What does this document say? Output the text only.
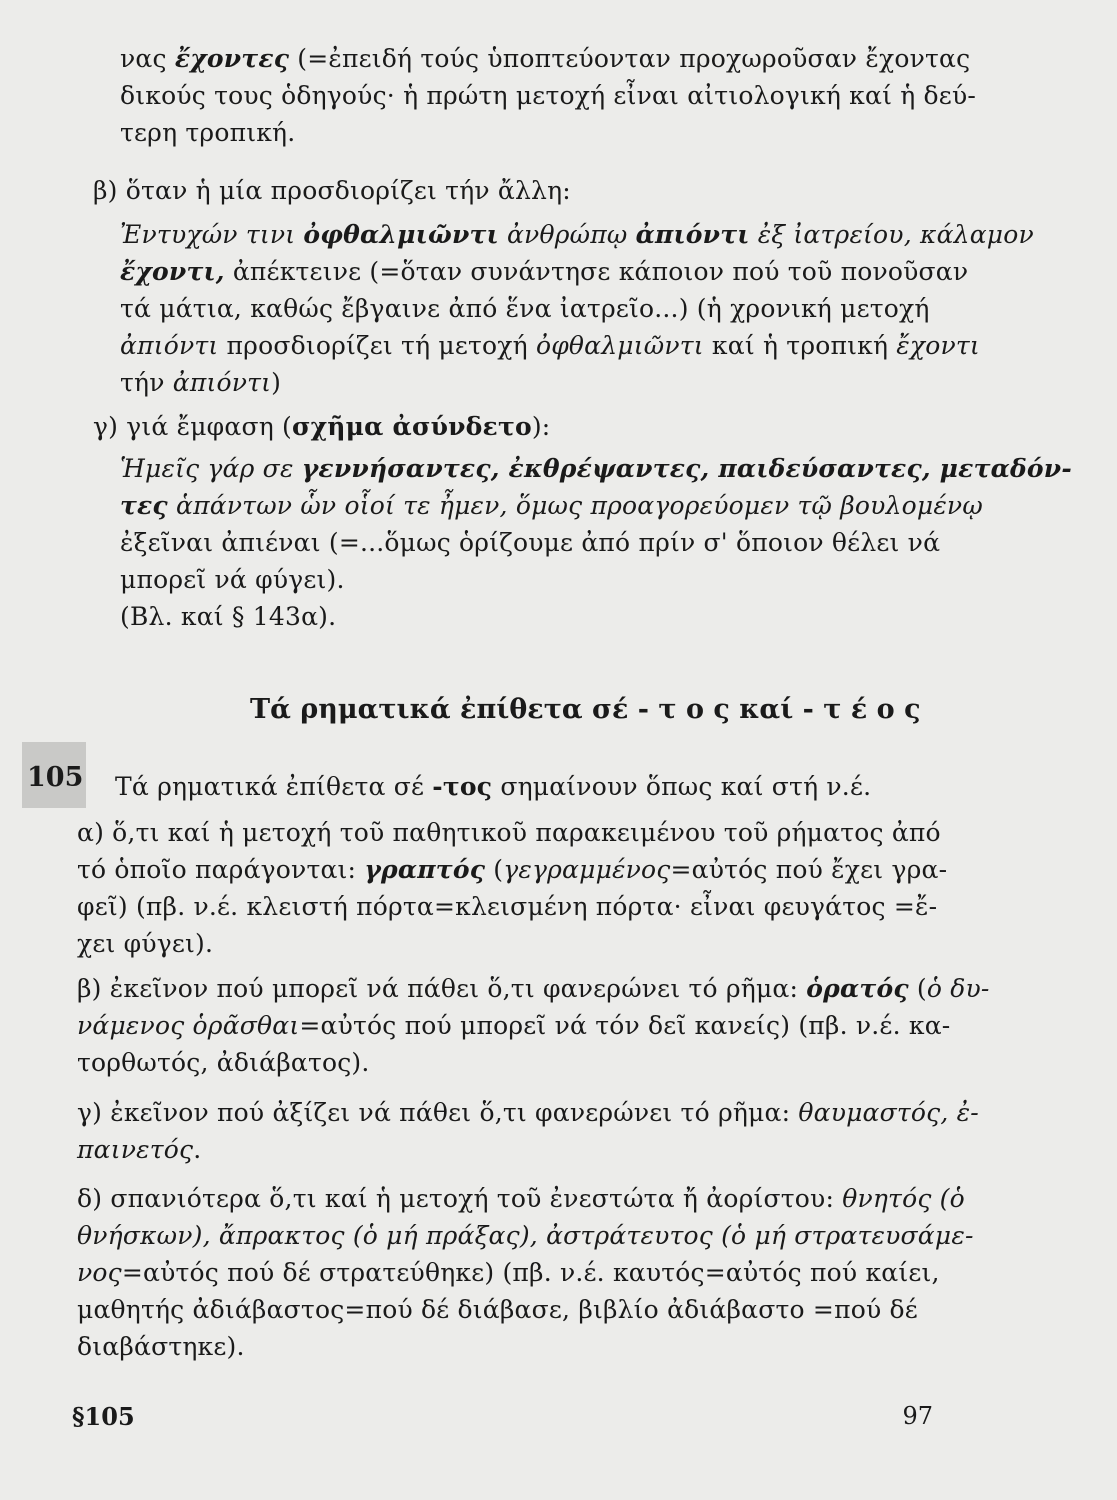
νας ἔχοντες (=ἐπειδή τούς ὑποπτεύονταν προχωροῦσαν ἔχοντας
δικούς τους ὁδηγούς· ἡ πρώτη μετοχή εἶναι αἰτιολογική καί ἡ δεύ-
τερη τροπική.

β) ὅταν ἡ μία προσδιορίζει τήν ἄλλη:

Ἐντυχών τινι ὀφθαλμιῶντι ἀνθρώπῳ ἀπιόντι ἐξ ἰατρείου, κάλαμον
ἔχοντι, ἀπέκτεινε (=ὅταν συνάντησε κάποιον πού τοῦ πονοῦσαν
τά μάτια, καθώς ἔβγαινε ἀπό ἕνα ἰατρεῖο...) (ἡ χρονική μετοχή
ἀπιόντι προσδιορίζει τή μετοχή ὀφθαλμιῶντι καί ἡ τροπική ἔχοντι
τήν ἀπιόντι)

γ) γιά ἔμφαση (σχῆμα ἀσύνδετο):

Ἡμεῖς γάρ σε γεννήσαντες, ἐκθρέψαντες, παιδεύσαντες, μεταδόν-
τες ἁπάντων ὧν οἷοί τε ἦμεν, ὅμως προαγορεύομεν τῷ βουλομένῳ
ἐξεῖναι ἀπιέναι (=...ὅμως ὁρίζουμε ἀπό πρίν σ' ὅποιον θέλει νά
μπορεῖ νά φύγει).
(Βλ. καί § 143α).

Τά ρηματικά ἐπίθετα σέ - τ ο ς καί - τ έ ο ς

105 Τά ρηματικά ἐπίθετα σέ -τος σημαίνουν ὅπως καί στή ν.έ.

α) ὅ,τι καί ἡ μετοχή τοῦ παθητικοῦ παρακειμένου τοῦ ρήματος ἀπό
τό ὁποῖο παράγονται: γραπτός (γεγραμμένος=αὐτός πού ἔχει γρα-
φεῖ) (πβ. ν.έ. κλειστή πόρτα=κλεισμένη πόρτα· εἶναι φευγάτος =ἔ-
χει φύγει).

β) ἐκεῖνον πού μπορεῖ νά πάθει ὅ,τι φανερώνει τό ρῆμα: ὁρατός (ὁ δυ-
νάμενος ὁρᾶσθαι=αὐτός πού μπορεῖ νά τόν δεῖ κανείς) (πβ. ν.έ. κα-
τορθωτός, ἀδιάβατος).

γ) ἐκεῖνον πού ἀξίζει νά πάθει ὅ,τι φανερώνει τό ρῆμα: θαυμαστός, ἐ-
παινετός.

δ) σπανιότερα ὅ,τι καί ἡ μετοχή τοῦ ἐνεστώτα ἤ ἀορίστου: θνητός (ὁ
θνήσκων), ἄπρακτος (ὁ μή πράξας), ἀστράτευτος (ὁ μή στρατευσάμε-
νος=αὐτός πού δέ στρατεύθηκε) (πβ. ν.έ. καυτός=αὐτός πού καίει,
μαθητής ἀδιάβαστος=πού δέ διάβασε, βιβλίο ἀδιάβαστο =πού δέ
διαβάστηκε).

§105	97
